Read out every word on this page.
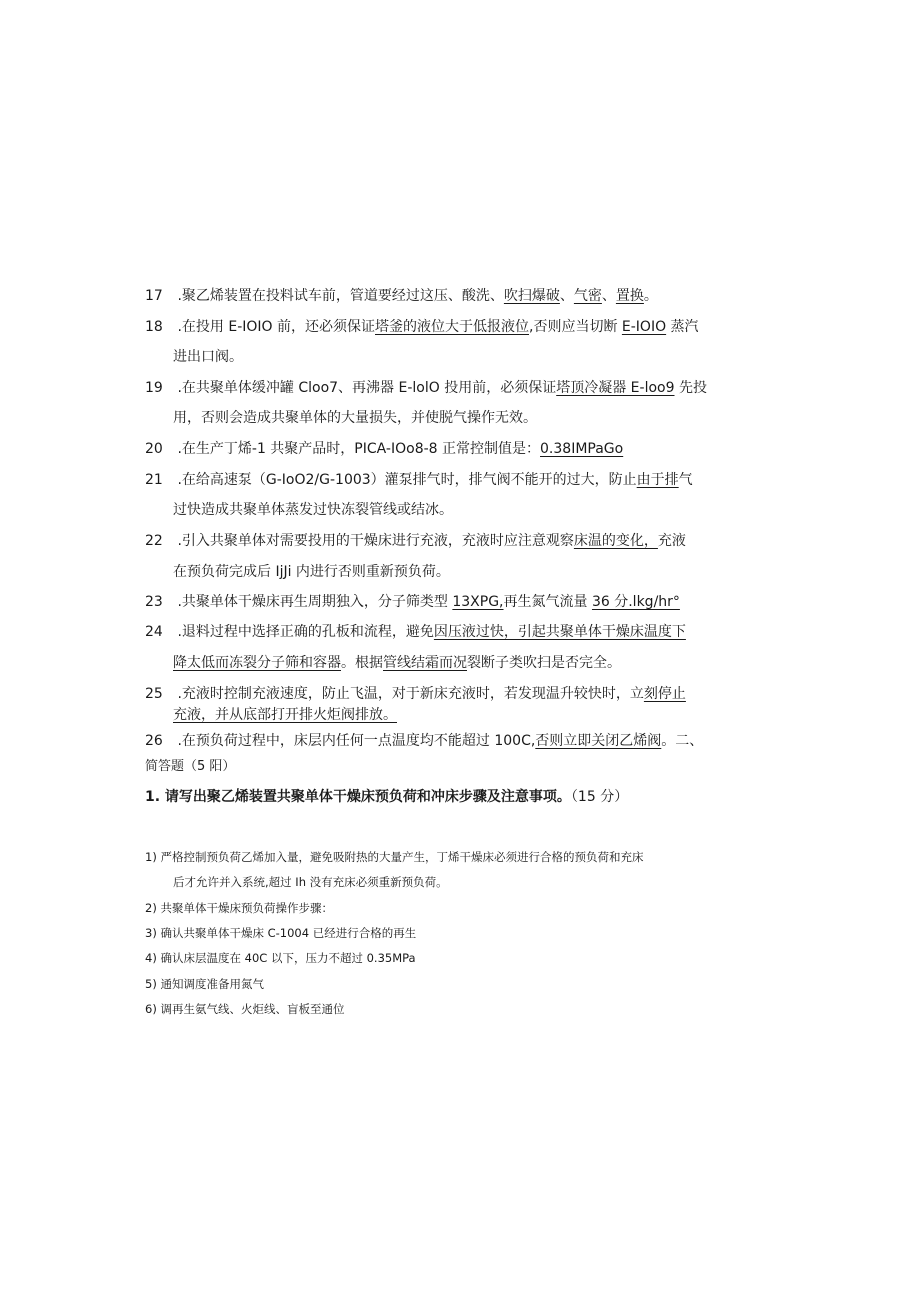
17 .聚乙烯装置在投料试车前，管道要经过这压、酸洗、吹扫爆破、气密、置换。
18 .在投用 E-IOIO 前，还必须保证塔釜的液位大于低报液位,否则应当切断 E-IOIO 蒸汽
进出口阀。
19 .在共聚单体缓冲罐 Cloo7、再沸器 E-lolO 投用前，必须保证塔顶冷凝器 E-loo9 先投
用，否则会造成共聚单体的大量损失，并使脱气操作无效。
20 .在生产丁烯-1 共聚产品时，PICA-IOo8-8 正常控制值是：0.38IMPaGo
21 .在给高速泵（G-IoO2/G-1003）灌泵排气时，排气阀不能开的过大，防止由于排气
过快造成共聚单体蒸发过快冻裂管线或结冰。
22 .引入共聚单体对需要投用的干燥床进行充液，充液时应注意观察床温的变化，充液
在预负荷完成后 IjJi 内进行否则重新预负荷。
23 .共聚单体干燥床再生周期独入，分子筛类型 13XPG,再生氮气流量 36 分.lkg/hr°
24 .退料过程中选择正确的孔板和流程，避免因压液过快，引起共聚单体干燥床温度下
降太低而冻裂分子筛和容器。根据管线结霜而况裂断子类吹扫是否完全。
25 .充液时控制充液速度，防止飞温，对于新床充液时，若发现温升较快时，立刻停止
充液，并从底部打开排火炬阀排放。
26 .在预负荷过程中，床层内任何一点温度均不能超过 100C,否则立即关闭乙烯阀。二、
简答题（5 阳）
1. 请写出聚乙烯装置共聚单体干燥床预负荷和冲床步骤及注意事项。（15 分）
1) 严格控制预负荷乙烯加入量，避免吸附热的大量产生，丁烯干燥床必须进行合格的预负荷和充床
后才允许并入系统,超过 Ih 没有充床必须重新预负荷。
2) 共聚单体干燥床预负荷操作步骤：
3) 确认共聚单体干燥床 C-1004 已经进行合格的再生
4) 确认床层温度在 40C 以下，压力不超过 0.35MPa
5) 通知调度准备用氮气
6) 调再生氨气线、火炬线、盲板至通位
